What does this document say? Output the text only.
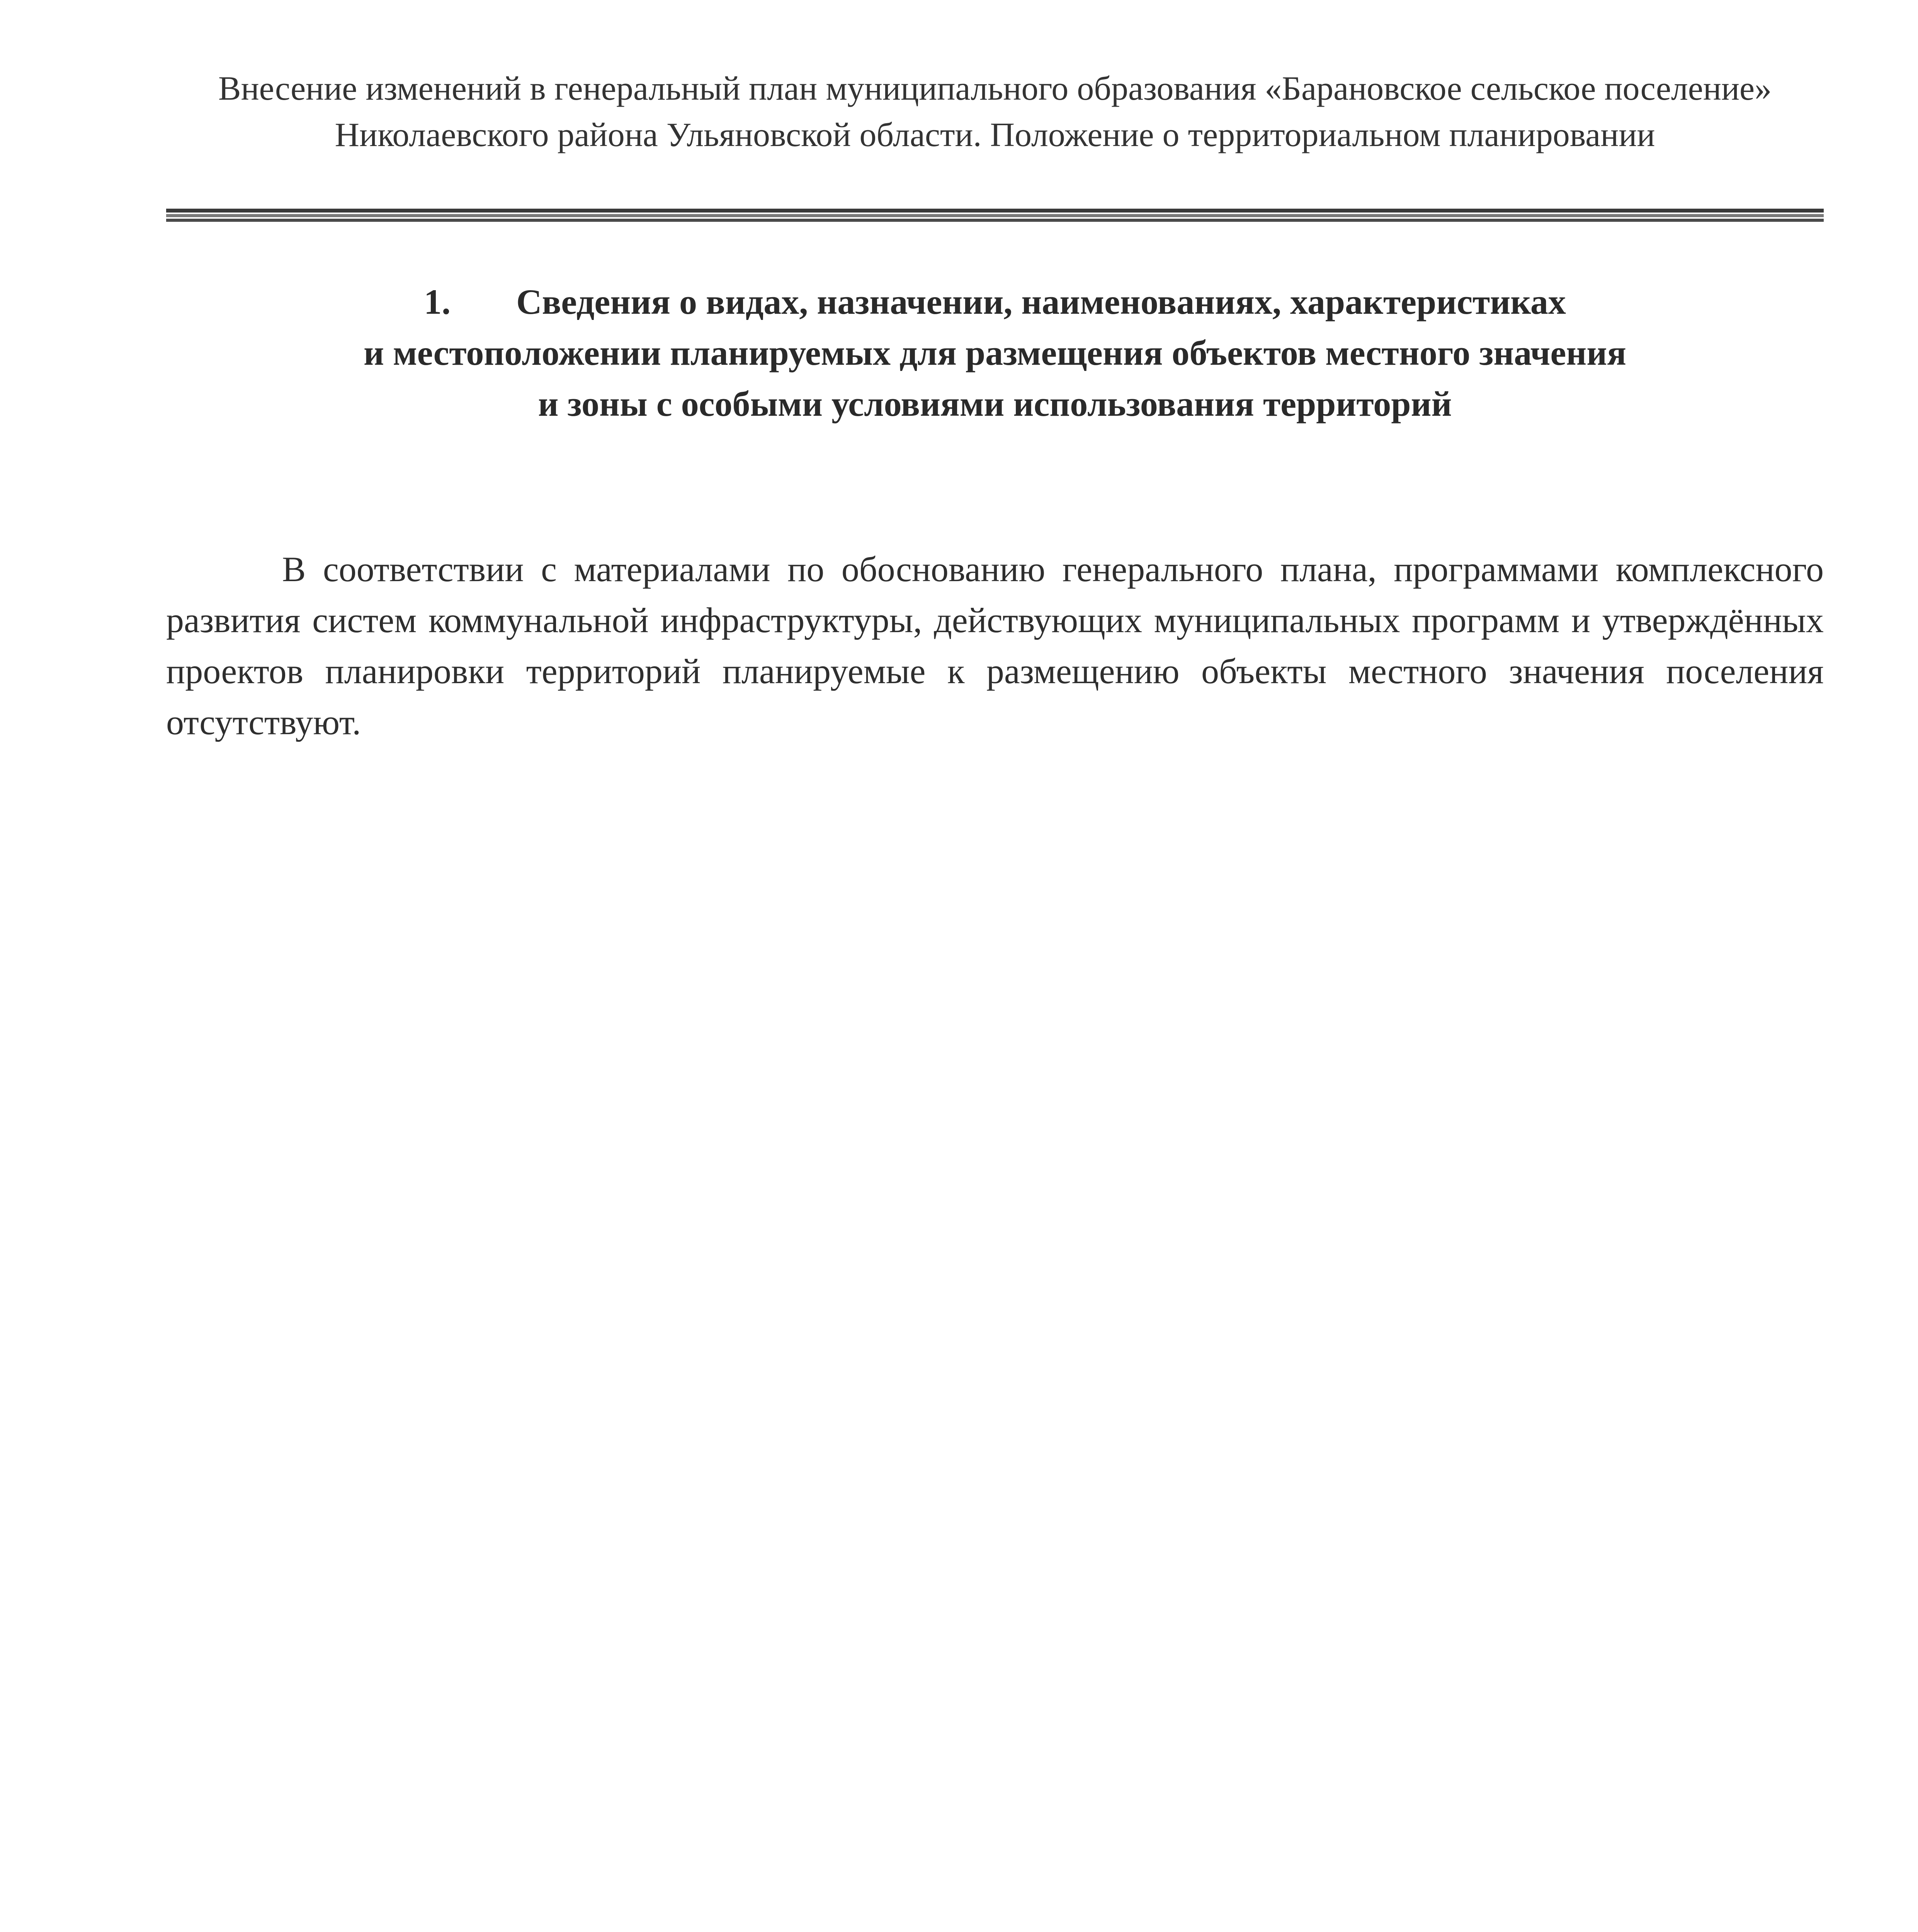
Внесение изменений в генеральный план муниципального образования «Барановское сельское поселение» Николаевского района Ульяновской области. Положение о территориальном планировании
1. Сведения о видах, назначении, наименованиях, характеристиках
и местоположении планируемых для размещения объектов местного значения
и зоны с особыми условиями использования территорий

В соответствии с материалами по обоснованию генерального плана, программами комплексного развития систем коммунальной инфраструктуры, действующих муниципальных программ и утверждённых проектов планировки территорий планируемые к размещению объекты местного значения поселения отсутствуют.
